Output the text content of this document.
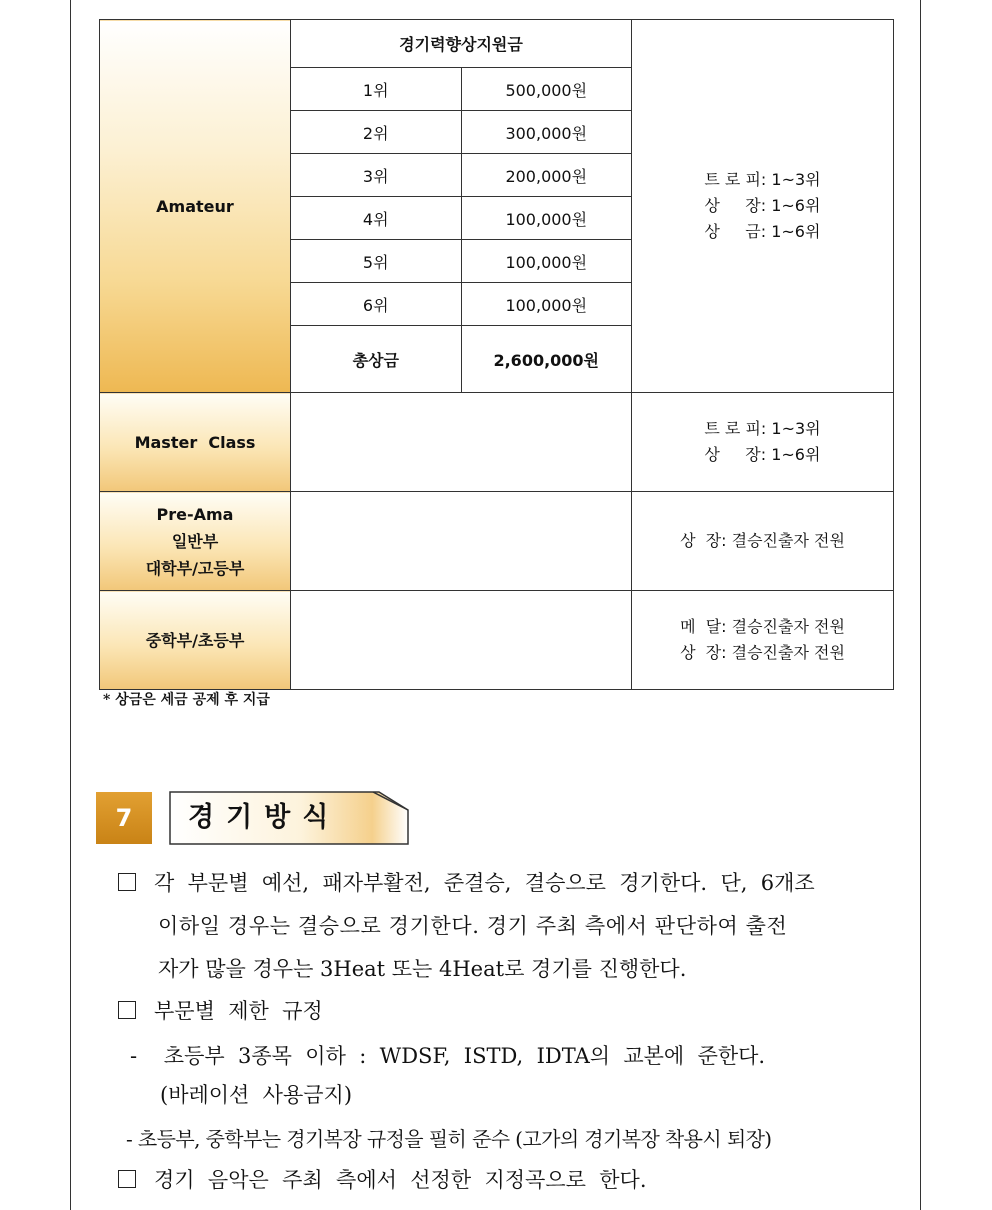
Amateur	경기력향상지원금		트 로 피: 1~3위
상     장: 1~6위
상     금: 1~6위
	1위	500,000원	
	2위	300,000원	
	3위	200,000원	
	4위	100,000원	
	5위	100,000원	
	6위	100,000원	
	총상금	2,600,000원	
Master  Class			트 로 피: 1~3위
상     장: 1~6위
Pre-Ama
일반부
대학부/고등부			상  장: 결승진출자 전원
중학부/초등부			메  달: 결승진출자 전원
상  장: 결승진출자 전원
* 상금은 세금 공제 후 지급
7	경기방식
각  부문별  예선,  패자부활전,  준결승,  결승으로  경기한다.  단,  6개조
이하일 경우는 결승으로 경기한다. 경기 주최 측에서 판단하여 출전
자가 많을 경우는 3Heat 또는 4Heat로 경기를 진행한다.
부문별  제한  규정
-    초등부  3종목  이하  :  WDSF,  ISTD,  IDTA의  교본에  준한다.
(바레이션  사용금지)
- 초등부, 중학부는 경기복장 규정을 필히 준수 (고가의 경기복장 착용시 퇴장)
경기  음악은  주최  측에서  선정한  지정곡으로  한다.
